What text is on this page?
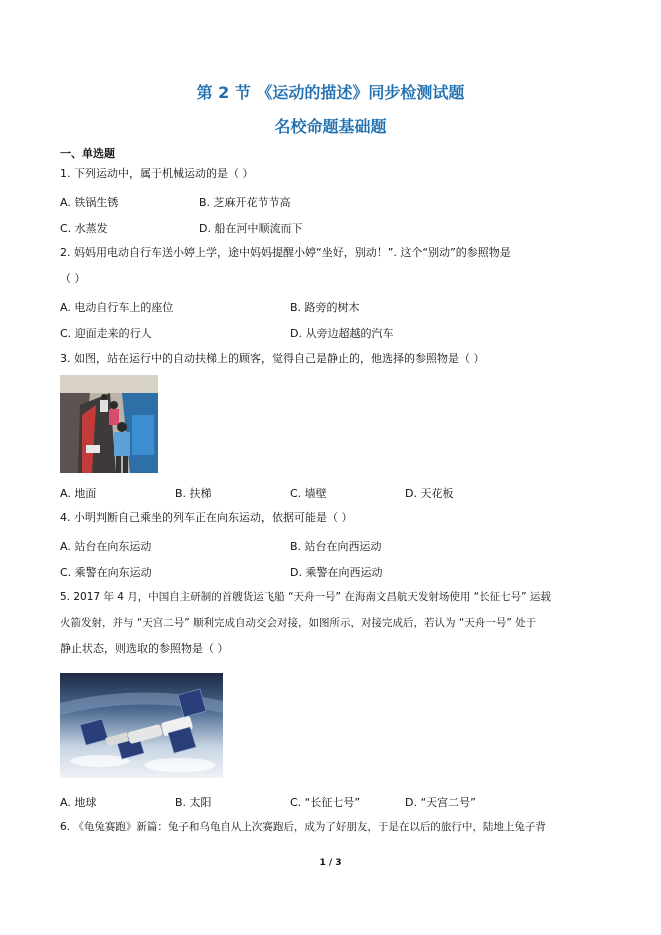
第 2 节 《运动的描述》同步检测试题
名校命题基础题
一、单选题
1. 下列运动中，属于机械运动的是（ ）
A. 铁锅生锈	B. 芝麻开花节节高
C. 水蒸发	D. 船在河中顺流而下
2. 妈妈用电动自行车送小婷上学，途中妈妈提醒小婷“坐好，别动！”. 这个“别动”的参照物是
（ ）
A. 电动自行车上的座位	B. 路旁的树木
C. 迎面走来的行人	D. 从旁边超越的汽车
3. 如图，站在运行中的自动扶梯上的顾客，觉得自己是静止的，他选择的参照物是（ ）
A. 地面	B. 扶梯	C. 墙壁	D. 天花板
4. 小明判断自己乘坐的列车正在向东运动，依据可能是（ ）
A. 站台在向东运动	B. 站台在向西运动
C. 乘警在向东运动	D. 乘警在向西运动
5. 2017 年 4 月，中国自主研制的首艘货运飞船 “天舟一号” 在海南文昌航天发射场使用 “长征七号” 运载
火箭发射，并与 “天宫二号” 顺利完成自动交会对接，如图所示，对接完成后，若认为 “天舟一号” 处于
静止状态，则选取的参照物是（ ）
A. 地球	B. 太阳	C. “长征七号”	D. “天宫二号”
6. 《龟兔赛跑》新篇：兔子和乌龟自从上次赛跑后，成为了好朋友，于是在以后的旅行中，陆地上兔子背
1 / 3
